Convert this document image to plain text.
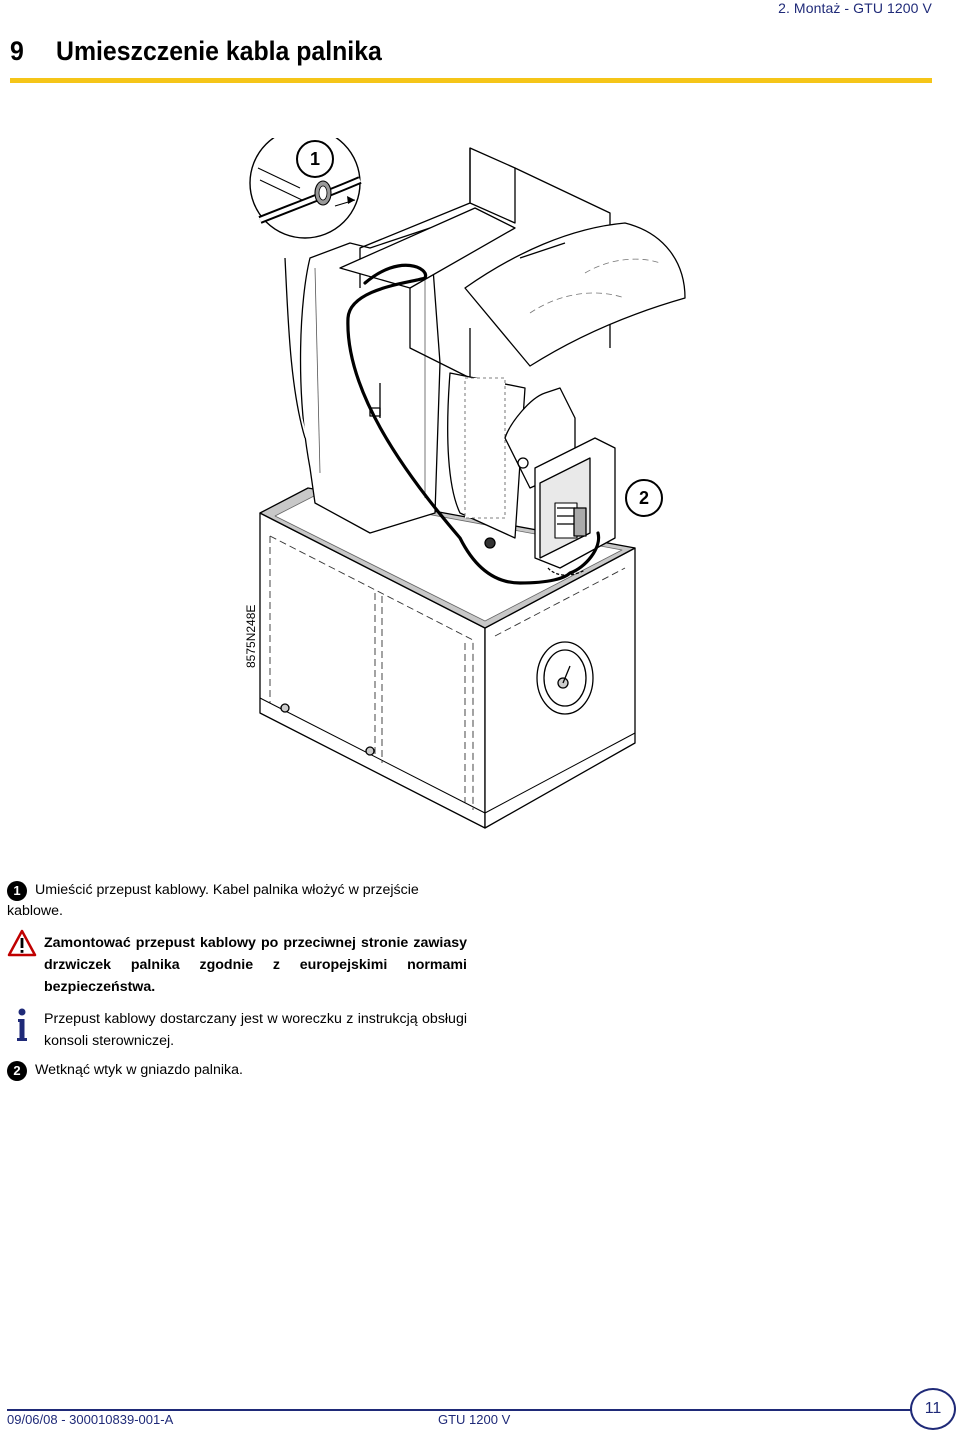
2. Montaż - GTU 1200 V
9 Umieszczenie kabla palnika
8575N248E
1
2
1	Umieścić przepust kablowy. Kabel palnika włożyć w przejście
kablowe.
Zamontować przepust kablowy po przeciwnej stronie zawiasy drzwiczek palnika zgodnie z europejskimi normami bezpieczeństwa.
Przepust kablowy dostarczany jest w woreczku z instrukcją obsługi konsoli sterowniczej.
2	Wetknąć wtyk w gniazdo palnika.
09/06/08 - 300010839-001-A	GTU 1200 V
11
